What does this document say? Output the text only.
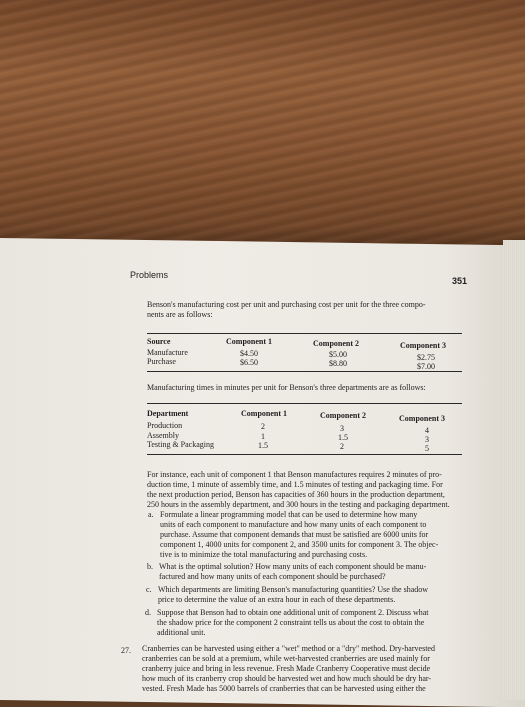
Problems
351
Benson's manufacturing cost per unit and purchasing cost per unit for the three compo-
nents are as follows:
Source	Component 1	Component 2	Component 3
Manufacture	$4.50	$5.00	$2.75
Purchase	$6.50	$8.80	$7.00
Manufacturing times in minutes per unit for Benson's three departments are as follows:
Department	Component 1	Component 2	Component 3
Production	2	3	4
Assembly	1	1.5	3
Testing & Packaging	1.5	2	5
For instance, each unit of component 1 that Benson manufactures requires 2 minutes of pro-
duction time, 1 minute of assembly time, and 1.5 minutes of testing and packaging time. For
the next production period, Benson has capacities of 360 hours in the production department,
250 hours in the assembly department, and 300 hours in the testing and packaging department.
a. Formulate a linear programming model that can be used to determine how many
units of each component to manufacture and how many units of each component to
purchase. Assume that component demands that must be satisfied are 6000 units for
component 1, 4000 units for component 2, and 3500 units for component 3. The objec-
tive is to minimize the total manufacturing and purchasing costs.
b. What is the optimal solution? How many units of each component should be manu-
factured and how many units of each component should be purchased?
c. Which departments are limiting Benson's manufacturing quantities? Use the shadow
price to determine the value of an extra hour in each of these departments.
d. Suppose that Benson had to obtain one additional unit of component 2. Discuss what
the shadow price for the component 2 constraint tells us about the cost to obtain the
additional unit.
27. Cranberries can be harvested using either a "wet" method or a "dry" method. Dry-harvested
cranberries can be sold at a premium, while wet-harvested cranberries are used mainly for
cranberry juice and bring in less revenue. Fresh Made Cranberry Cooperative must decide
how much of its cranberry crop should be harvested wet and how much should be dry har-
vested. Fresh Made has 5000 barrels of cranberries that can be harvested using either the
